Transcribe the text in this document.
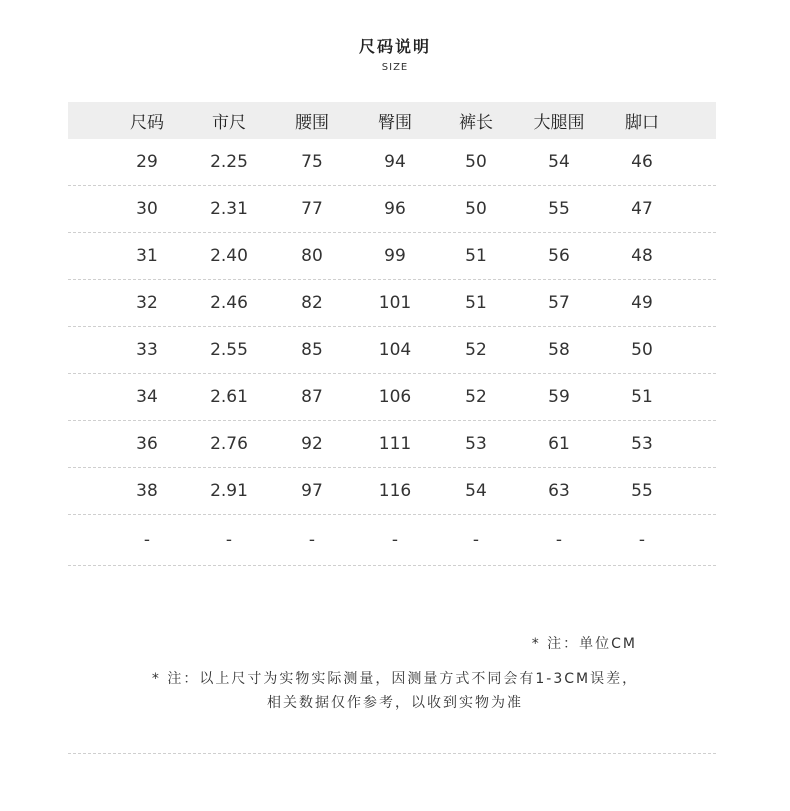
尺码说明
SIZE
尺码	市尺	腰围	臀围	裤长	大腿围	脚口
29	2.25	75	94	50	54	46
30	2.31	77	96	50	55	47
31	2.40	80	99	51	56	48
32	2.46	82	101	51	57	49
33	2.55	85	104	52	58	50
34	2.61	87	106	52	59	51
36	2.76	92	111	53	61	53
38	2.91	97	116	54	63	55
-	-	-	-	-	-	-
* 注：单位CM
* 注：以上尺寸为实物实际测量，因测量方式不同会有1-3CM误差，
相关数据仅作参考，以收到实物为准
